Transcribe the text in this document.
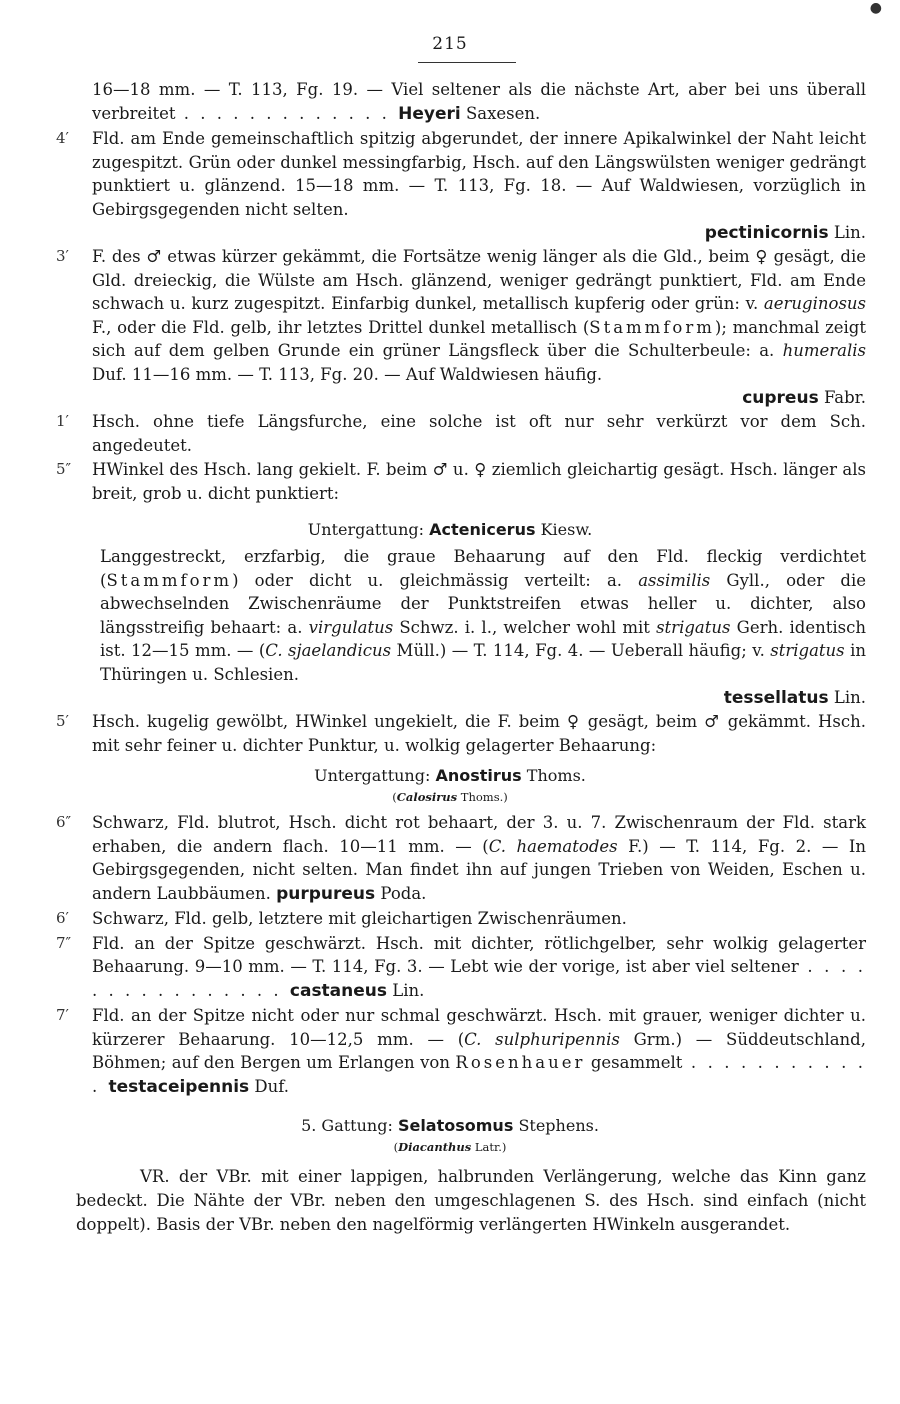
●
215
16—18 mm. — T. 113, Fg. 19. — Viel seltener als die nächste Art, aber bei uns überall verbreitet . . . . . . . . . . . . . Heyeri Saxesen.
4′	Fld. am Ende gemeinschaftlich spitzig abgerundet, der innere Apikalwinkel der Naht leicht zugespitzt. Grün oder dunkel messingfarbig, Hsch. auf den Längswülsten weniger gedrängt punktiert u. glänzend. 15—18 mm. — T. 113, Fg. 18. — Auf Waldwiesen, vorzüglich in Gebirgsgegenden nicht selten.
pectinicornis Lin.
3′	F. des ♂ etwas kürzer gekämmt, die Fortsätze wenig länger als die Gld., beim ♀ gesägt, die Gld. dreieckig, die Wülste am Hsch. glänzend, weniger gedrängt punktiert, Fld. am Ende schwach u. kurz zugespitzt. Einfarbig dunkel, metallisch kupferig oder grün: v. aeruginosus F., oder die Fld. gelb, ihr letztes Drittel dunkel metallisch (Stammform); manchmal zeigt sich auf dem gelben Grunde ein grüner Längsfleck über die Schulterbeule: a. humeralis Duf. 11—16 mm. — T. 113, Fg. 20. — Auf Waldwiesen häufig.
cupreus Fabr.
1′	Hsch. ohne tiefe Längsfurche, eine solche ist oft nur sehr verkürzt vor dem Sch. angedeutet.
5″	HWinkel des Hsch. lang gekielt. F. beim ♂ u. ♀ ziemlich gleichartig gesägt. Hsch. länger als breit, grob u. dicht punktiert:
Untergattung: Actenicerus Kiesw.
Langgestreckt, erzfarbig, die graue Behaarung auf den Fld. fleckig verdichtet (Stammform) oder dicht u. gleichmässig verteilt: a. assimilis Gyll., oder die abwechselnden Zwischenräume der Punktstreifen etwas heller u. dichter, also längsstreifig behaart: a. virgulatus Schwz. i. l., welcher wohl mit strigatus Gerh. identisch ist. 12—15 mm. — (C. sjaelandicus Müll.) — T. 114, Fg. 4. — Ueberall häufig; v. strigatus in Thüringen u. Schlesien.
tessellatus Lin.
5′	Hsch. kugelig gewölbt, HWinkel ungekielt, die F. beim ♀ gesägt, beim ♂ gekämmt. Hsch. mit sehr feiner u. dichter Punktur, u. wolkig gelagerter Behaarung:
Untergattung: Anostirus Thoms.
(Calosirus Thoms.)
6″	Schwarz, Fld. blutrot, Hsch. dicht rot behaart, der 3. u. 7. Zwischenraum der Fld. stark erhaben, die andern flach. 10—11 mm. — (C. haematodes F.) — T. 114, Fg. 2. — In Gebirgsgegenden, nicht selten. Man findet ihn auf jungen Trieben von Weiden, Eschen u. andern Laubbäumen. purpureus Poda.
6′	Schwarz, Fld. gelb, letztere mit gleichartigen Zwischenräumen.
7″	Fld. an der Spitze geschwärzt. Hsch. mit dichter, rötlichgelber, sehr wolkig gelagerter Behaarung. 9—10 mm. — T. 114, Fg. 3. — Lebt wie der vorige, ist aber viel seltener . . . . . . . . . . . . . . . . castaneus Lin.
7′	Fld. an der Spitze nicht oder nur schmal geschwärzt. Hsch. mit grauer, weniger dichter u. kürzerer Behaarung. 10—12,5 mm. — (C. sulphuripennis Grm.) — Süddeutschland, Böhmen; auf den Bergen um Erlangen von Rosenhauer gesammelt . . . . . . . . . . . . testaceipennis Duf.
5. Gattung: Selatosomus Stephens.
(Diacanthus Latr.)
VR. der VBr. mit einer lappigen, halbrunden Verlängerung, welche das Kinn ganz bedeckt. Die Nähte der VBr. neben den umgeschlagenen S. des Hsch. sind einfach (nicht doppelt). Basis der VBr. neben den nagelförmig verlängerten HWinkeln ausgerandet.
